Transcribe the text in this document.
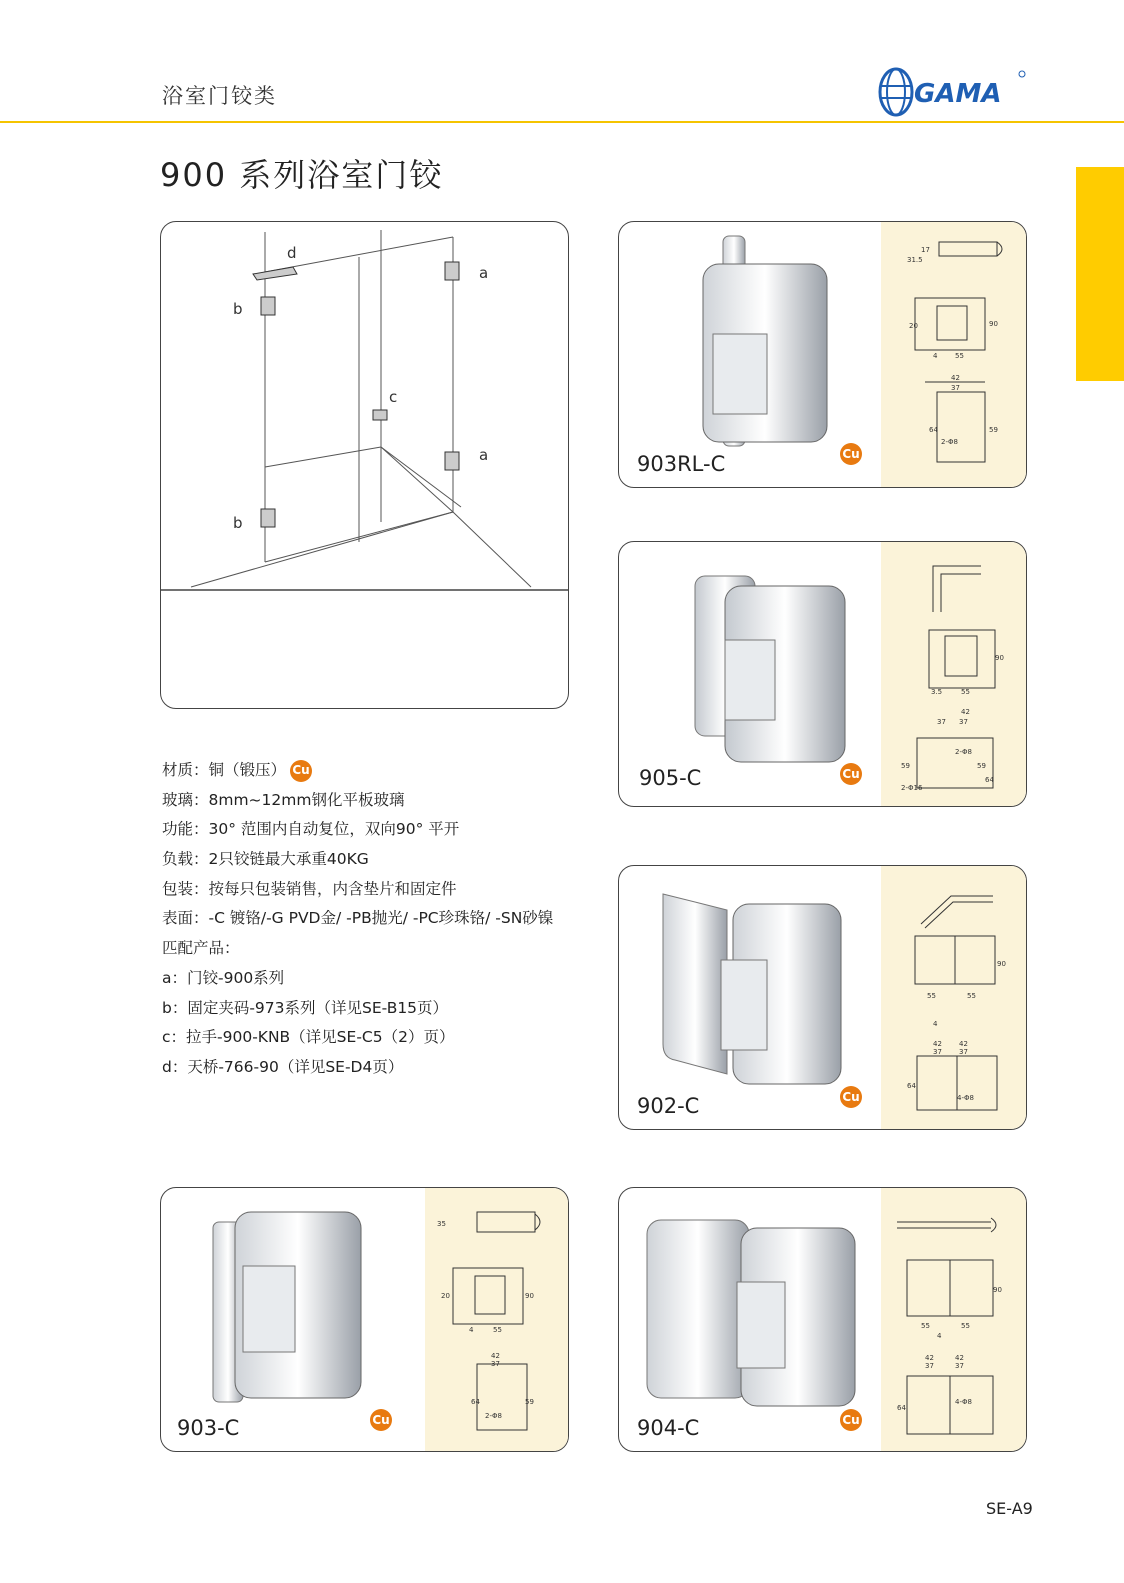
浴室门铰类	GAMA
900 系列浴室门铰
d
a
b
c
a
b
材质：铜（锻压） Cu
玻璃：8mm~12mm钢化平板玻璃
功能：30° 范围内自动复位，双向90° 平开
负载：2只铰链最大承重40KG
包装：按每只包装销售，内含垫片和固定件
表面：-C 镀铬/-G PVD金/ -PB抛光/ -PC珍珠铬/ -SN砂镍
匹配产品：
a：门铰-900系列
b：固定夹码-973系列（详见SE-B15页）
c：拉手-900-KNB（详见SE-C5（2）页）
d：天桥-766-90（详见SE-D4页）
903RL-C	Cu
31.5
17
20	90
4	55
42
37
64	59
2-Φ8
905-C	Cu
90
3.5	55
42
37 37
2-Φ8
59	59
64
2-Φ16
902-C	Cu
90
55	55
4
42 42
37 37
64
4-Φ8
903-C	Cu
35
20	90
4	55
42
37
64	59
2-Φ8	904-C	Cu
90
55	55
4
42	42
37	37
64
4-Φ8
SE-A9
